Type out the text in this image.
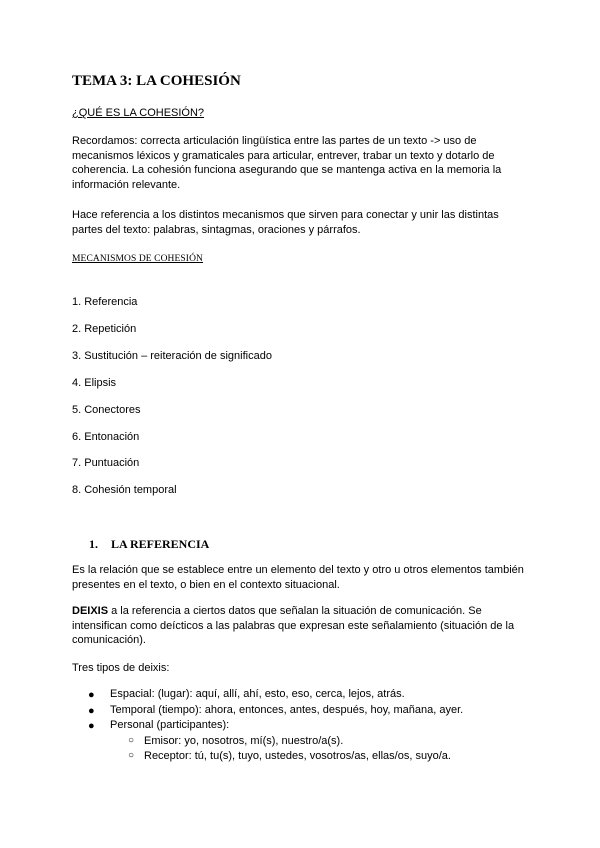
TEMA 3: LA COHESIÓN
¿QUÉ ES LA COHESIÓN?
Recordamos: correcta articulación lingüística entre las partes de un texto -> uso de mecanismos léxicos y gramaticales para articular, entrever, trabar un texto y dotarlo de coherencia. La cohesión funciona asegurando que se mantenga activa en la memoria la información relevante.
Hace referencia a los distintos mecanismos que sirven para conectar y unir las distintas partes del texto: palabras, sintagmas, oraciones y párrafos.
MECANISMOS DE COHESIÓN
1. Referencia
2. Repetición
3. Sustitución – reiteración de significado
4. Elipsis
5. Conectores
6. Entonación
7. Puntuación
8. Cohesión temporal
1. LA REFERENCIA
Es la relación que se establece entre un elemento del texto y otro u otros elementos también presentes en el texto, o bien en el contexto situacional.
DEIXIS a la referencia a ciertos datos que señalan la situación de comunicación. Se intensifican como deícticos a las palabras que expresan este señalamiento (situación de la comunicación).
Tres tipos de deixis:
● Espacial: (lugar): aquí, allí, ahí, esto, eso, cerca, lejos, atrás.
● Temporal (tiempo): ahora, entonces, antes, después, hoy, mañana, ayer.
● Personal (participantes):
○ Emisor: yo, nosotros, mí(s), nuestro/a(s).
○ Receptor: tú, tu(s), tuyo, ustedes, vosotros/as, ellas/os, suyo/a.
